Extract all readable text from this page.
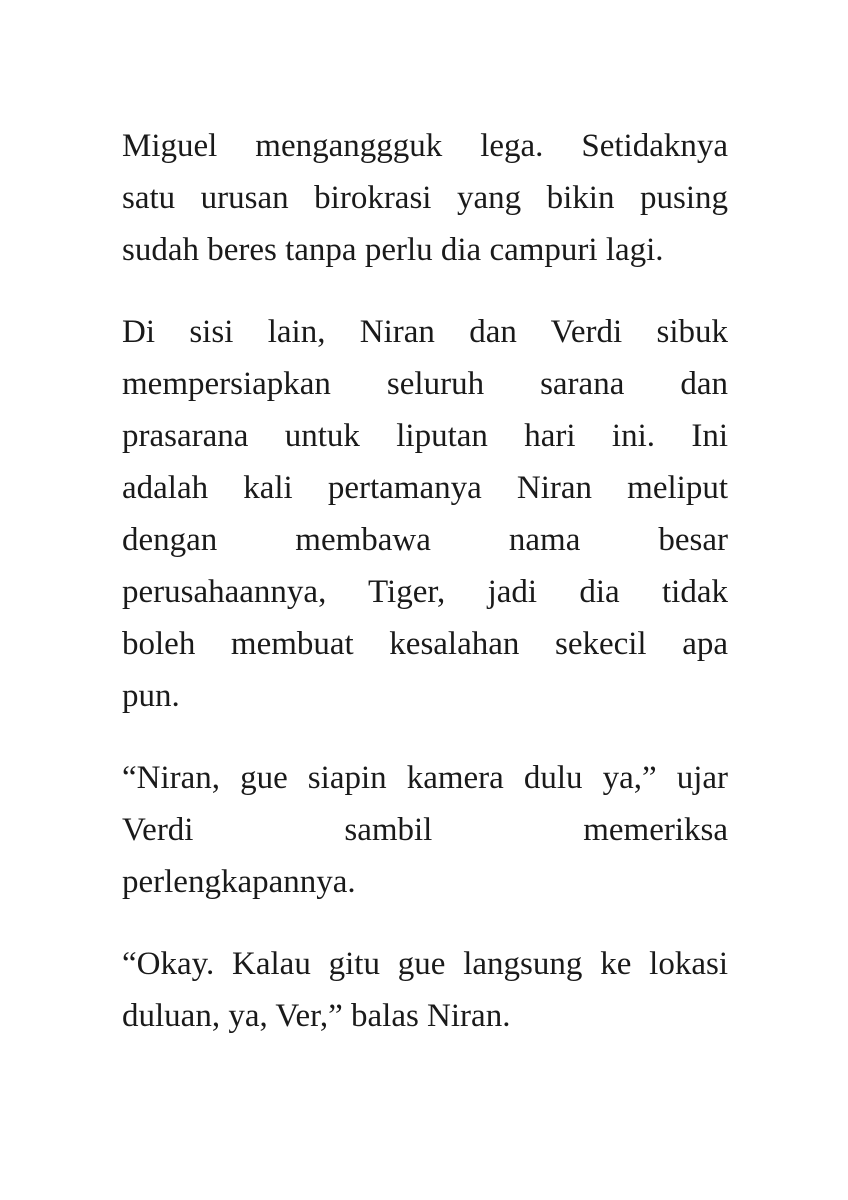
Miguel menganggguk lega. Setidaknya
satu urusan birokrasi yang bikin pusing
sudah beres tanpa perlu dia campuri lagi.
Di sisi lain, Niran dan Verdi sibuk
mempersiapkan seluruh sarana dan
prasarana untuk liputan hari ini. Ini
adalah kali pertamanya Niran meliput
dengan membawa nama besar
perusahaannya, Tiger, jadi dia tidak
boleh membuat kesalahan sekecil apa
pun.
“Niran, gue siapin kamera dulu ya,” ujar
Verdi sambil memeriksa
perlengkapannya.
“Okay. Kalau gitu gue langsung ke lokasi
duluan, ya, Ver,” balas Niran.
